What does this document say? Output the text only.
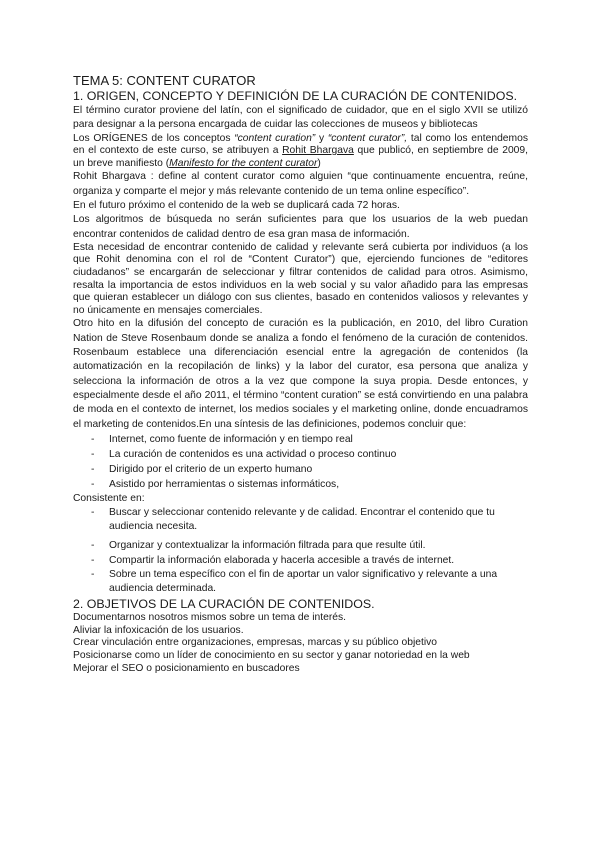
TEMA 5: CONTENT CURATOR
1. ORIGEN, CONCEPTO Y DEFINICIÓN DE LA CURACIÓN DE CONTENIDOS.

El término curator proviene del latín, con el significado de cuidador, que en el siglo XVII se utilizó para designar a la persona encargada de cuidar las colecciones de museos y bibliotecas

Los ORÍGENES de los conceptos “content curation” y “content curator”, tal como los entendemos en el contexto de este curso, se atribuyen a Rohit Bhargava que publicó, en septiembre de 2009, un breve manifiesto (Manifesto for the content curator)

Rohit Bhargava : define al content curator como alguien “que continuamente encuentra, reúne, organiza y comparte el mejor y más relevante contenido de un tema online específico”.

En el futuro próximo el contenido de la web se duplicará cada 72 horas.

Los algoritmos de búsqueda no serán suficientes para que los usuarios de la web puedan encontrar contenidos de calidad dentro de esa gran masa de información.

Esta necesidad de encontrar contenido de calidad y relevante será cubierta por individuos (a los que Rohit denomina con el rol de “Content Curator”) que, ejerciendo funciones de “editores ciudadanos” se encargarán de seleccionar y filtrar contenidos de calidad para otros. Asimismo, resalta la importancia de estos individuos en la web social y su valor añadido para las empresas que quieran establecer un diálogo con sus clientes, basado en contenidos valiosos y relevantes y no únicamente en mensajes comerciales.

Otro hito en la difusión del concepto de curación es la publicación, en 2010, del libro Curation Nation de Steve Rosenbaum donde se analiza a fondo el fenómeno de la curación de contenidos. Rosenbaum establece una diferenciación esencial entre la agregación de contenidos (la automatización en la recopilación de links) y la labor del curator, esa persona que analiza y selecciona la información de otros a la vez que compone la suya propia. Desde entonces, y especialmente desde el año 2011, el término “content curation” se está convirtiendo en una palabra de moda en el contexto de internet, los medios sociales y el marketing online, donde encuadramos el marketing de contenidos.En una síntesis de las definiciones, podemos concluir que:

- Internet, como fuente de información y en tiempo real
- La curación de contenidos es una actividad o proceso continuo
- Dirigido por el criterio de un experto humano
- Asistido por herramientas o sistemas informáticos,

Consistente en:

- Buscar y seleccionar contenido relevante y de calidad. Encontrar el contenido que tu audiencia necesita.
- Organizar y contextualizar la información filtrada para que resulte útil.
- Compartir la información elaborada y hacerla accesible a través de internet.
- Sobre un tema específico con el fin de aportar un valor significativo y relevante a una audiencia determinada.
2. OBJETIVOS DE LA CURACIÓN DE CONTENIDOS.

Documentarnos nosotros mismos sobre un tema de interés.

Aliviar la infoxicación de los usuarios.

Crear vinculación entre organizaciones, empresas, marcas y su público objetivo

Posicionarse como un líder de conocimiento en su sector y ganar notoriedad en la web

Mejorar el SEO o posicionamiento en buscadores
